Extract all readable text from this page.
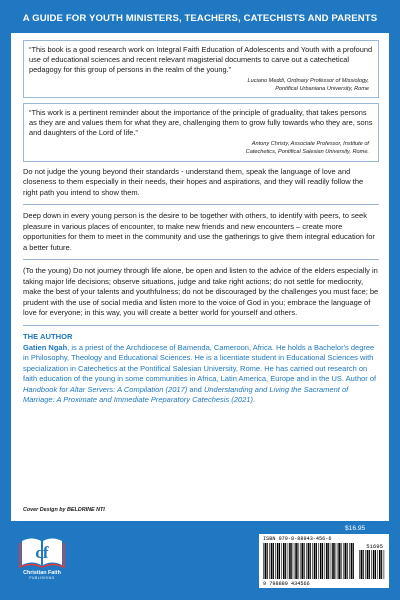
A GUIDE FOR YOUTH MINISTERS, TEACHERS, CATECHISTS AND PARENTS

“This book is a good research work on Integral Faith Education of Adolescents and Youth with a profound use of educational sciences and recent relevant magisterial documents to carve out a catechetical pedagogy for this group of persons in the realm of the young.”

Luciano Meddi, Ordinary Professor of Missiology,
Pontifical Urbaniana University, Rome

“This work is a pertinent reminder about the importance of the principle of graduality, that takes persons as they are and values them for what they are, challenging them to grow fully towards who they are, sons and daughters of the Lord of life.”

Antony Christy, Associate Professor, Institute of
Catechetics, Pontifical Salesian University, Rome.

Do not judge the young beyond their standards - understand them, speak the language of love and closeness to them especially in their needs, their hopes and aspirations, and they will readily follow the right path you intend to show them.

Deep down in every young person is the desire to be together with others, to identify with peers, to seek pleasure in various places of encounter, to make new friends and new encounters – create more opportunities for them to meet in the community and use the gatherings to give them integral education for a better future.

(To the young) Do not journey through life alone, be open and listen to the advice of the elders especially in taking major life decisions; observe situations, judge and take right actions; do not settle for mediocrity, make the best of your talents and youthfulness; do not be discouraged by the challenges you must face; be prudent with the use of social media and listen more to the voice of God in you; embrace the language of love for everyone; in this way, you will create a better world for yourself and others.

THE AUTHOR

Gatien Ngah, is a priest of the Archdiocese of Bamenda, Cameroon, Africa. He holds a Bachelor's degree in Philosophy, Theology and Educational Sciences. He is a licentiate student in Educational Sciences with specialization in Catechetics at the Pontifical Salesian University, Rome. He has carried out research on faith education of the young in some communities in Africa, Latin America, Europe and in the US. Author of Handbook for Altar Servers: A Compilation (2017) and Understanding and Living the Sacrament of Marriage: A Proximate and Immediate Preparatory Catechesis (2021).

Cover Design by BELDRINE NTI
cf
Christian Faith
PUBLISHING
$16.95
ISBN 979-8-88943-456-6
51695
9 798889 434566
